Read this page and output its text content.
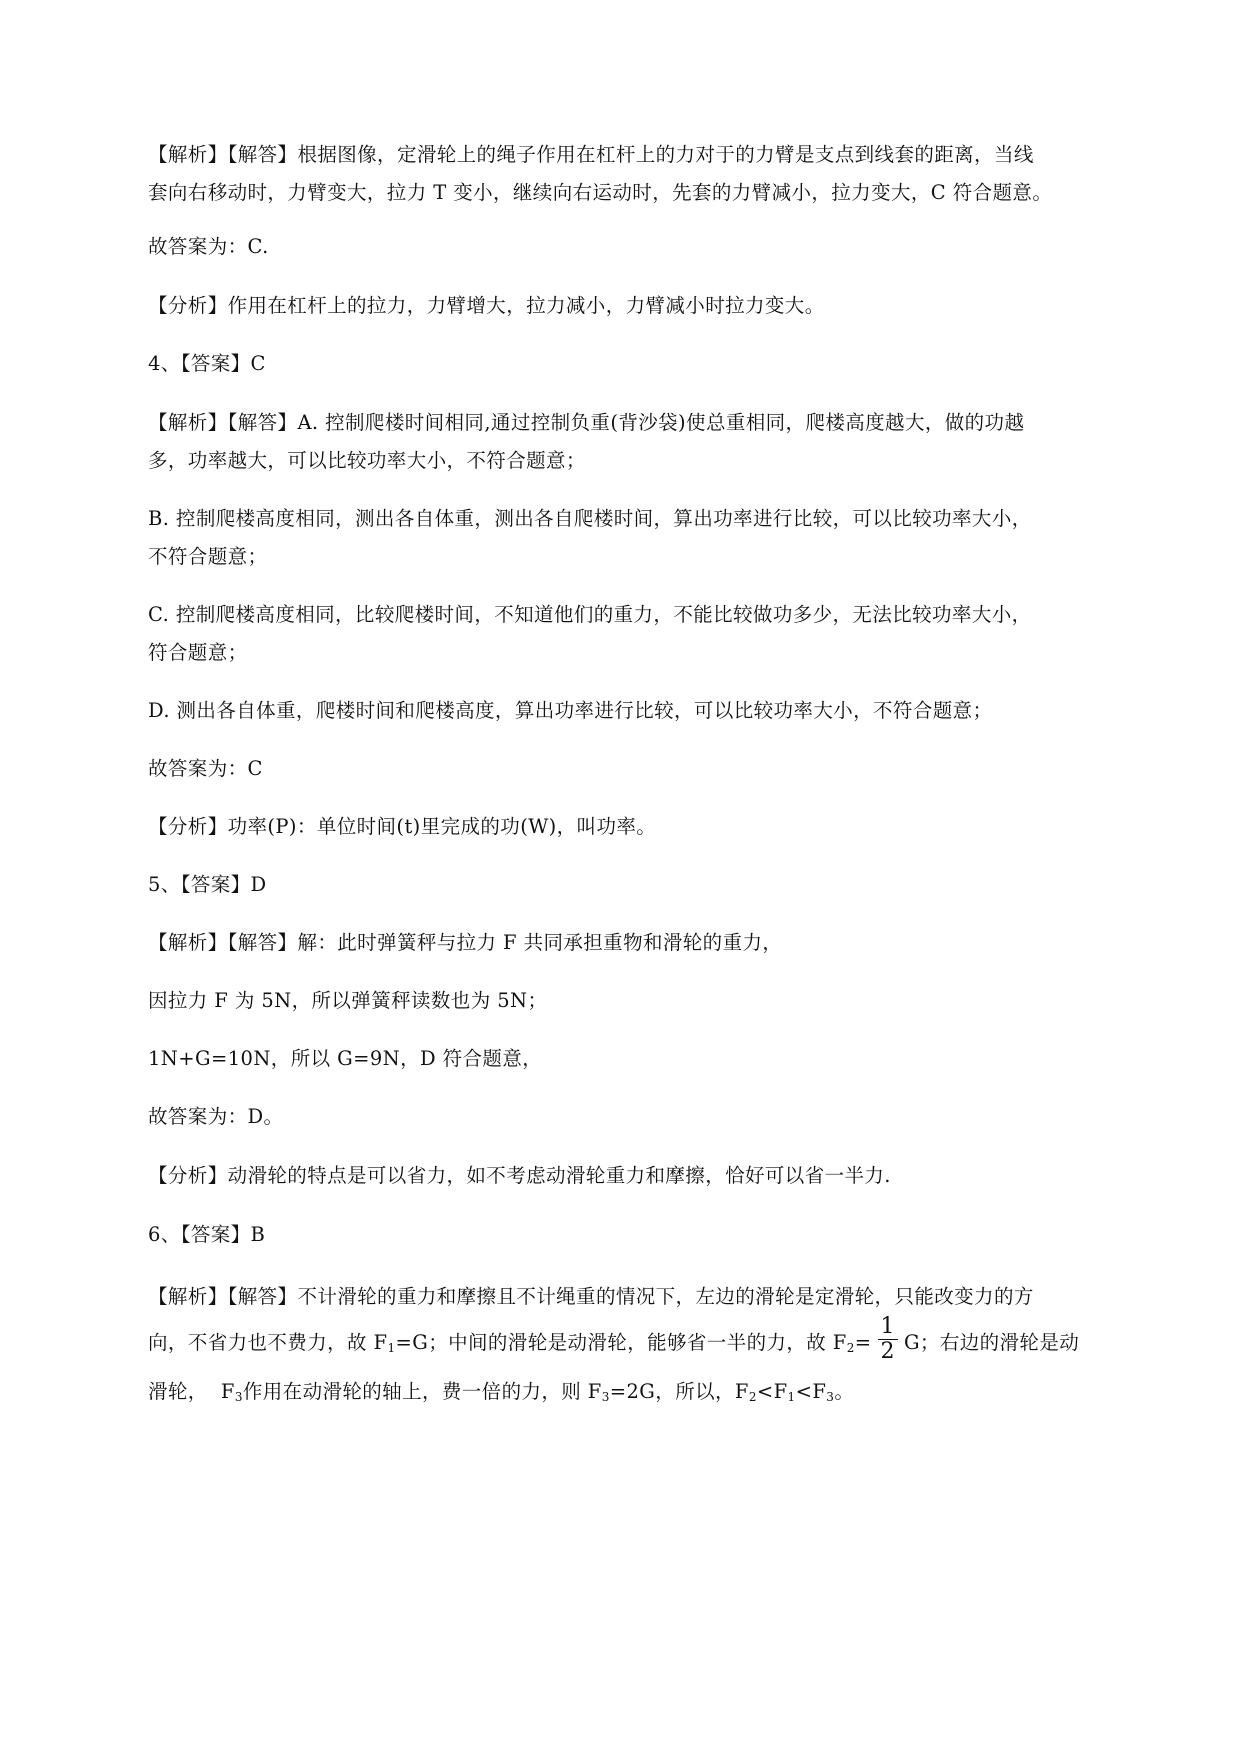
【解析】【解答】根据图像，定滑轮上的绳子作用在杠杆上的力对于的力臂是支点到线套的距离，当线
套向右移动时，力臂变大，拉力 T 变小，继续向右运动时，先套的力臂减小，拉力变大，C 符合题意。
故答案为：C.
【分析】作用在杠杆上的拉力，力臂增大，拉力减小，力臂减小时拉力变大。
4、【答案】C
【解析】【解答】A. 控制爬楼时间相同,通过控制负重(背沙袋)使总重相同，爬楼高度越大，做的功越
多，功率越大，可以比较功率大小，不符合题意；
B. 控制爬楼高度相同，测出各自体重，测出各自爬楼时间，算出功率进行比较，可以比较功率大小，
不符合题意；
C. 控制爬楼高度相同，比较爬楼时间，不知道他们的重力，不能比较做功多少，无法比较功率大小，
符合题意；
D. 测出各自体重，爬楼时间和爬楼高度，算出功率进行比较，可以比较功率大小，不符合题意；
故答案为：C
【分析】功率(P)：单位时间(t)里完成的功(W)，叫功率。
5、【答案】D
【解析】【解答】解：此时弹簧秤与拉力 F 共同承担重物和滑轮的重力，
因拉力 F 为 5N，所以弹簧秤读数也为 5N；
1N+G=10N，所以 G=9N，D 符合题意，
故答案为：D。
【分析】动滑轮的特点是可以省力，如不考虑动滑轮重力和摩擦，恰好可以省一半力.
6、【答案】B
【解析】【解答】不计滑轮的重力和摩擦且不计绳重的情况下，左边的滑轮是定滑轮，只能改变力的方
向，不省力也不费力，故 $F_1=G$；中间的滑轮是动滑轮，能够省一半的力，故 $F_2= \frac{1}{2}$ G；右边的滑轮是动
滑轮，  $F_3$作用在动滑轮的轴上，费一倍的力，则 $F_3=2G$，所以，$F_2<F_1<F_3$。
